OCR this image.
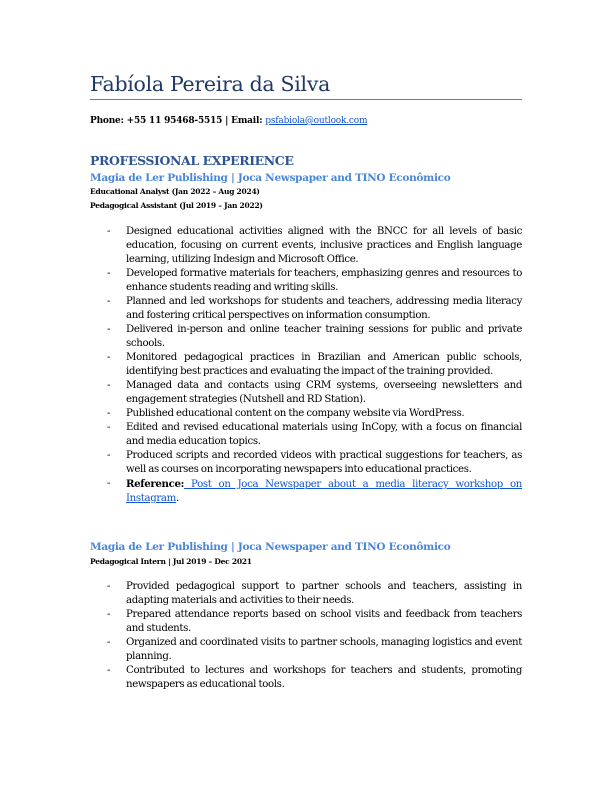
Fabíola Pereira da Silva
Phone: +55 11 95468-5515 | Email: psfabiola@outlook.com
PROFESSIONAL EXPERIENCE
Magia de Ler Publishing | Joca Newspaper and TINO Econômico
Educational Analyst (Jan 2022 – Aug 2024)
Pedagogical Assistant (Jul 2019 – Jan 2022)
- Designed educational activities aligned with the BNCC for all levels of basic education, focusing on current events, inclusive practices and English language learning, utilizing Indesign and Microsoft Office.
- Developed formative materials for teachers, emphasizing genres and resources to enhance students reading and writing skills.
- Planned and led workshops for students and teachers, addressing media literacy and fostering critical perspectives on information consumption.
- Delivered in-person and online teacher training sessions for public and private schools.
- Monitored pedagogical practices in Brazilian and American public schools, identifying best practices and evaluating the impact of the training provided.
- Managed data and contacts using CRM systems, overseeing newsletters and engagement strategies (Nutshell and RD Station).
- Published educational content on the company website via WordPress.
- Edited and revised educational materials using InCopy, with a focus on financial and media education topics.
- Produced scripts and recorded videos with practical suggestions for teachers, as well as courses on incorporating newspapers into educational practices.
- Reference: Post on Joca Newspaper about a media literacy workshop on Instagram.
Magia de Ler Publishing | Joca Newspaper and TINO Econômico
Pedagogical Intern | Jul 2019 – Dec 2021
- Provided pedagogical support to partner schools and teachers, assisting in adapting materials and activities to their needs.
- Prepared attendance reports based on school visits and feedback from teachers and students.
- Organized and coordinated visits to partner schools, managing logistics and event planning.
- Contributed to lectures and workshops for teachers and students, promoting newspapers as educational tools.
